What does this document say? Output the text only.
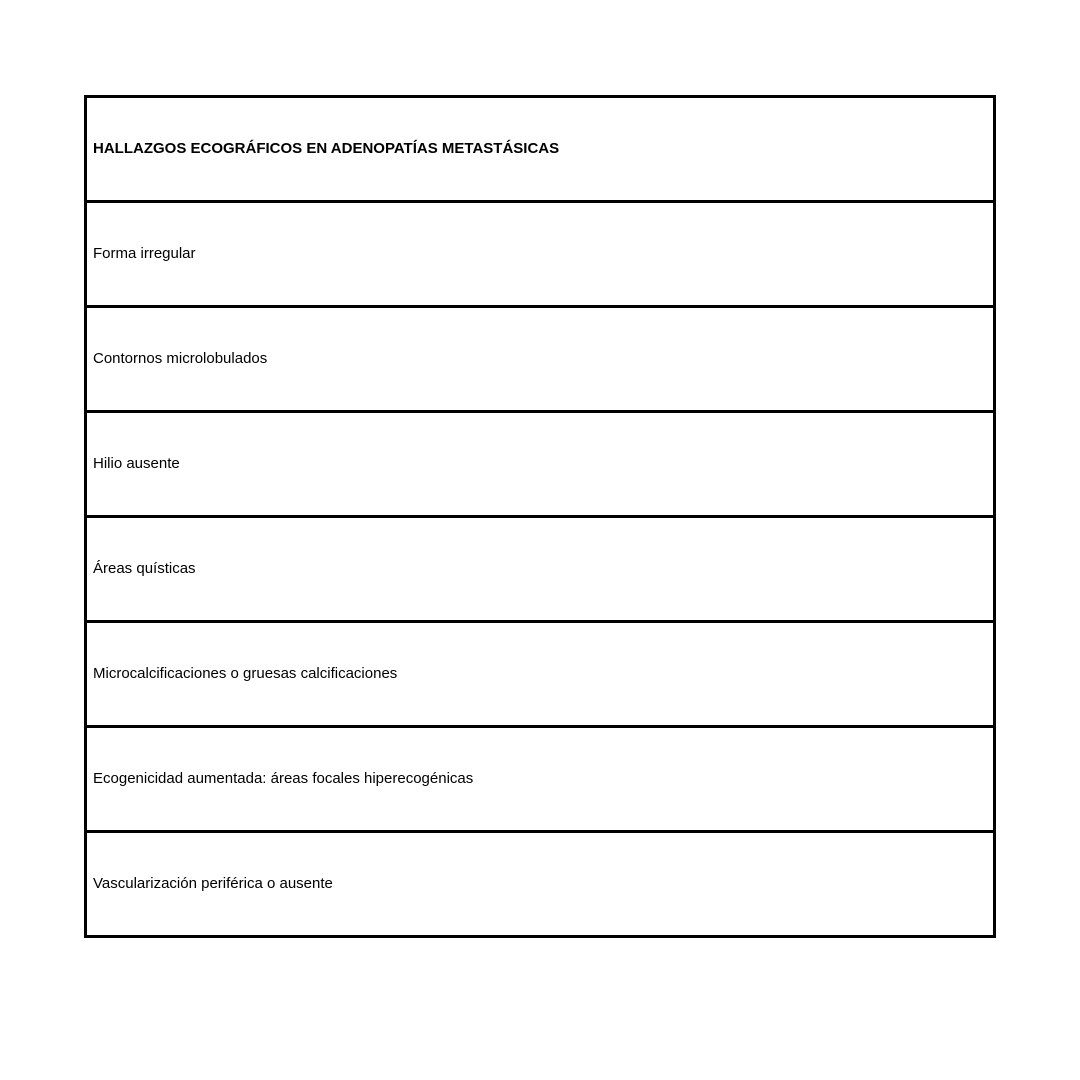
HALLAZGOS ECOGRÁFICOS EN ADENOPATÍAS METASTÁSICAS
Forma irregular
Contornos microlobulados
Hilio ausente
Áreas quísticas
Microcalcificaciones o gruesas calcificaciones
Ecogenicidad aumentada: áreas focales hiperecogénicas
Vascularización periférica o ausente
